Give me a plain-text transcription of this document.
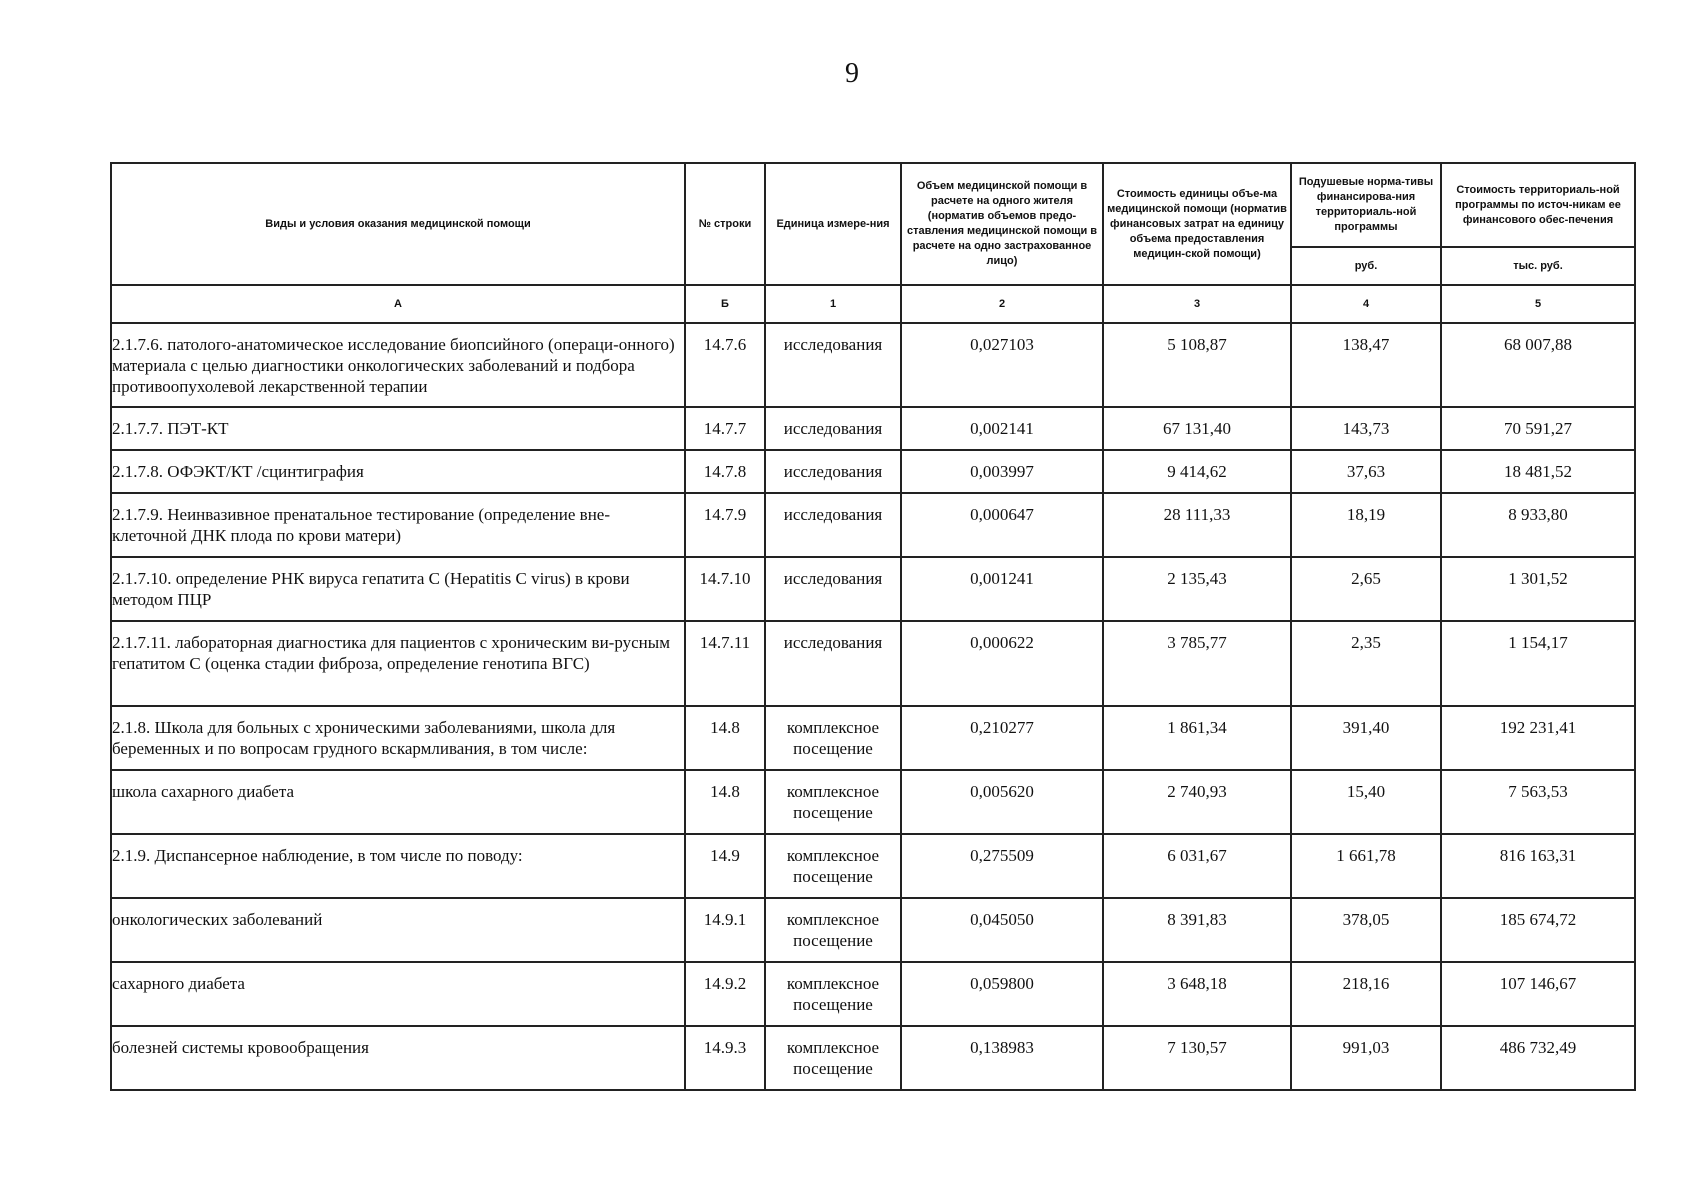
9
Виды и условия оказания медицинской помощи	№ строки	Единица измере-ния	Объем медицинской помощи в расчете на одного жителя (норматив объемов предо-ставления медицинской помощи в расчете на одно застрахованное лицо)	Стоимость единицы объе-ма медицинской помощи (норматив финансовых затрат на единицу объема предоставления медицин-ской помощи)	Подушевые норма-тивы финансирова-ния территориаль-ной программы	Стоимость территориаль-ной программы по источ-никам ее финансового обес-печения
					руб.	тыс. руб.
А	Б	1	2	3	4	5
2.1.7.6. патолого-анатомическое исследование биопсийного (операци-онного) материала с целью диагностики онкологических заболеваний и подбора противоопухолевой лекарственной терапии	14.7.6	исследования	0,027103	5 108,87	138,47	68 007,88
2.1.7.7. ПЭТ-КТ	14.7.7	исследования	0,002141	67 131,40	143,73	70 591,27
2.1.7.8. ОФЭКТ/КТ /сцинтиграфия	14.7.8	исследования	0,003997	9 414,62	37,63	18 481,52
2.1.7.9. Неинвазивное пренатальное тестирование (определение вне-клеточной ДНК плода по крови матери)	14.7.9	исследования	0,000647	28 111,33	18,19	8 933,80
2.1.7.10. определение РНК вируса гепатита С (Hepatitis C virus) в крови методом ПЦР	14.7.10	исследования	0,001241	2 135,43	2,65	1 301,52
2.1.7.11. лабораторная диагностика для пациентов с хроническим ви-русным гепатитом С (оценка стадии фиброза, определение генотипа ВГС)	14.7.11	исследования	0,000622	3 785,77	2,35	1 154,17
2.1.8. Школа для больных с хроническими заболеваниями, школа для беременных и по вопросам грудного вскармливания, в том числе:	14.8	комплексное посещение	0,210277	1 861,34	391,40	192 231,41
школа сахарного диабета	14.8	комплексное посещение	0,005620	2 740,93	15,40	7 563,53
2.1.9. Диспансерное наблюдение, в том числе по поводу:	14.9	комплексное посещение	0,275509	6 031,67	1 661,78	816 163,31
онкологических заболеваний	14.9.1	комплексное посещение	0,045050	8 391,83	378,05	185 674,72
сахарного диабета	14.9.2	комплексное посещение	0,059800	3 648,18	218,16	107 146,67
болезней системы кровообращения	14.9.3	комплексное посещение	0,138983	7 130,57	991,03	486 732,49
